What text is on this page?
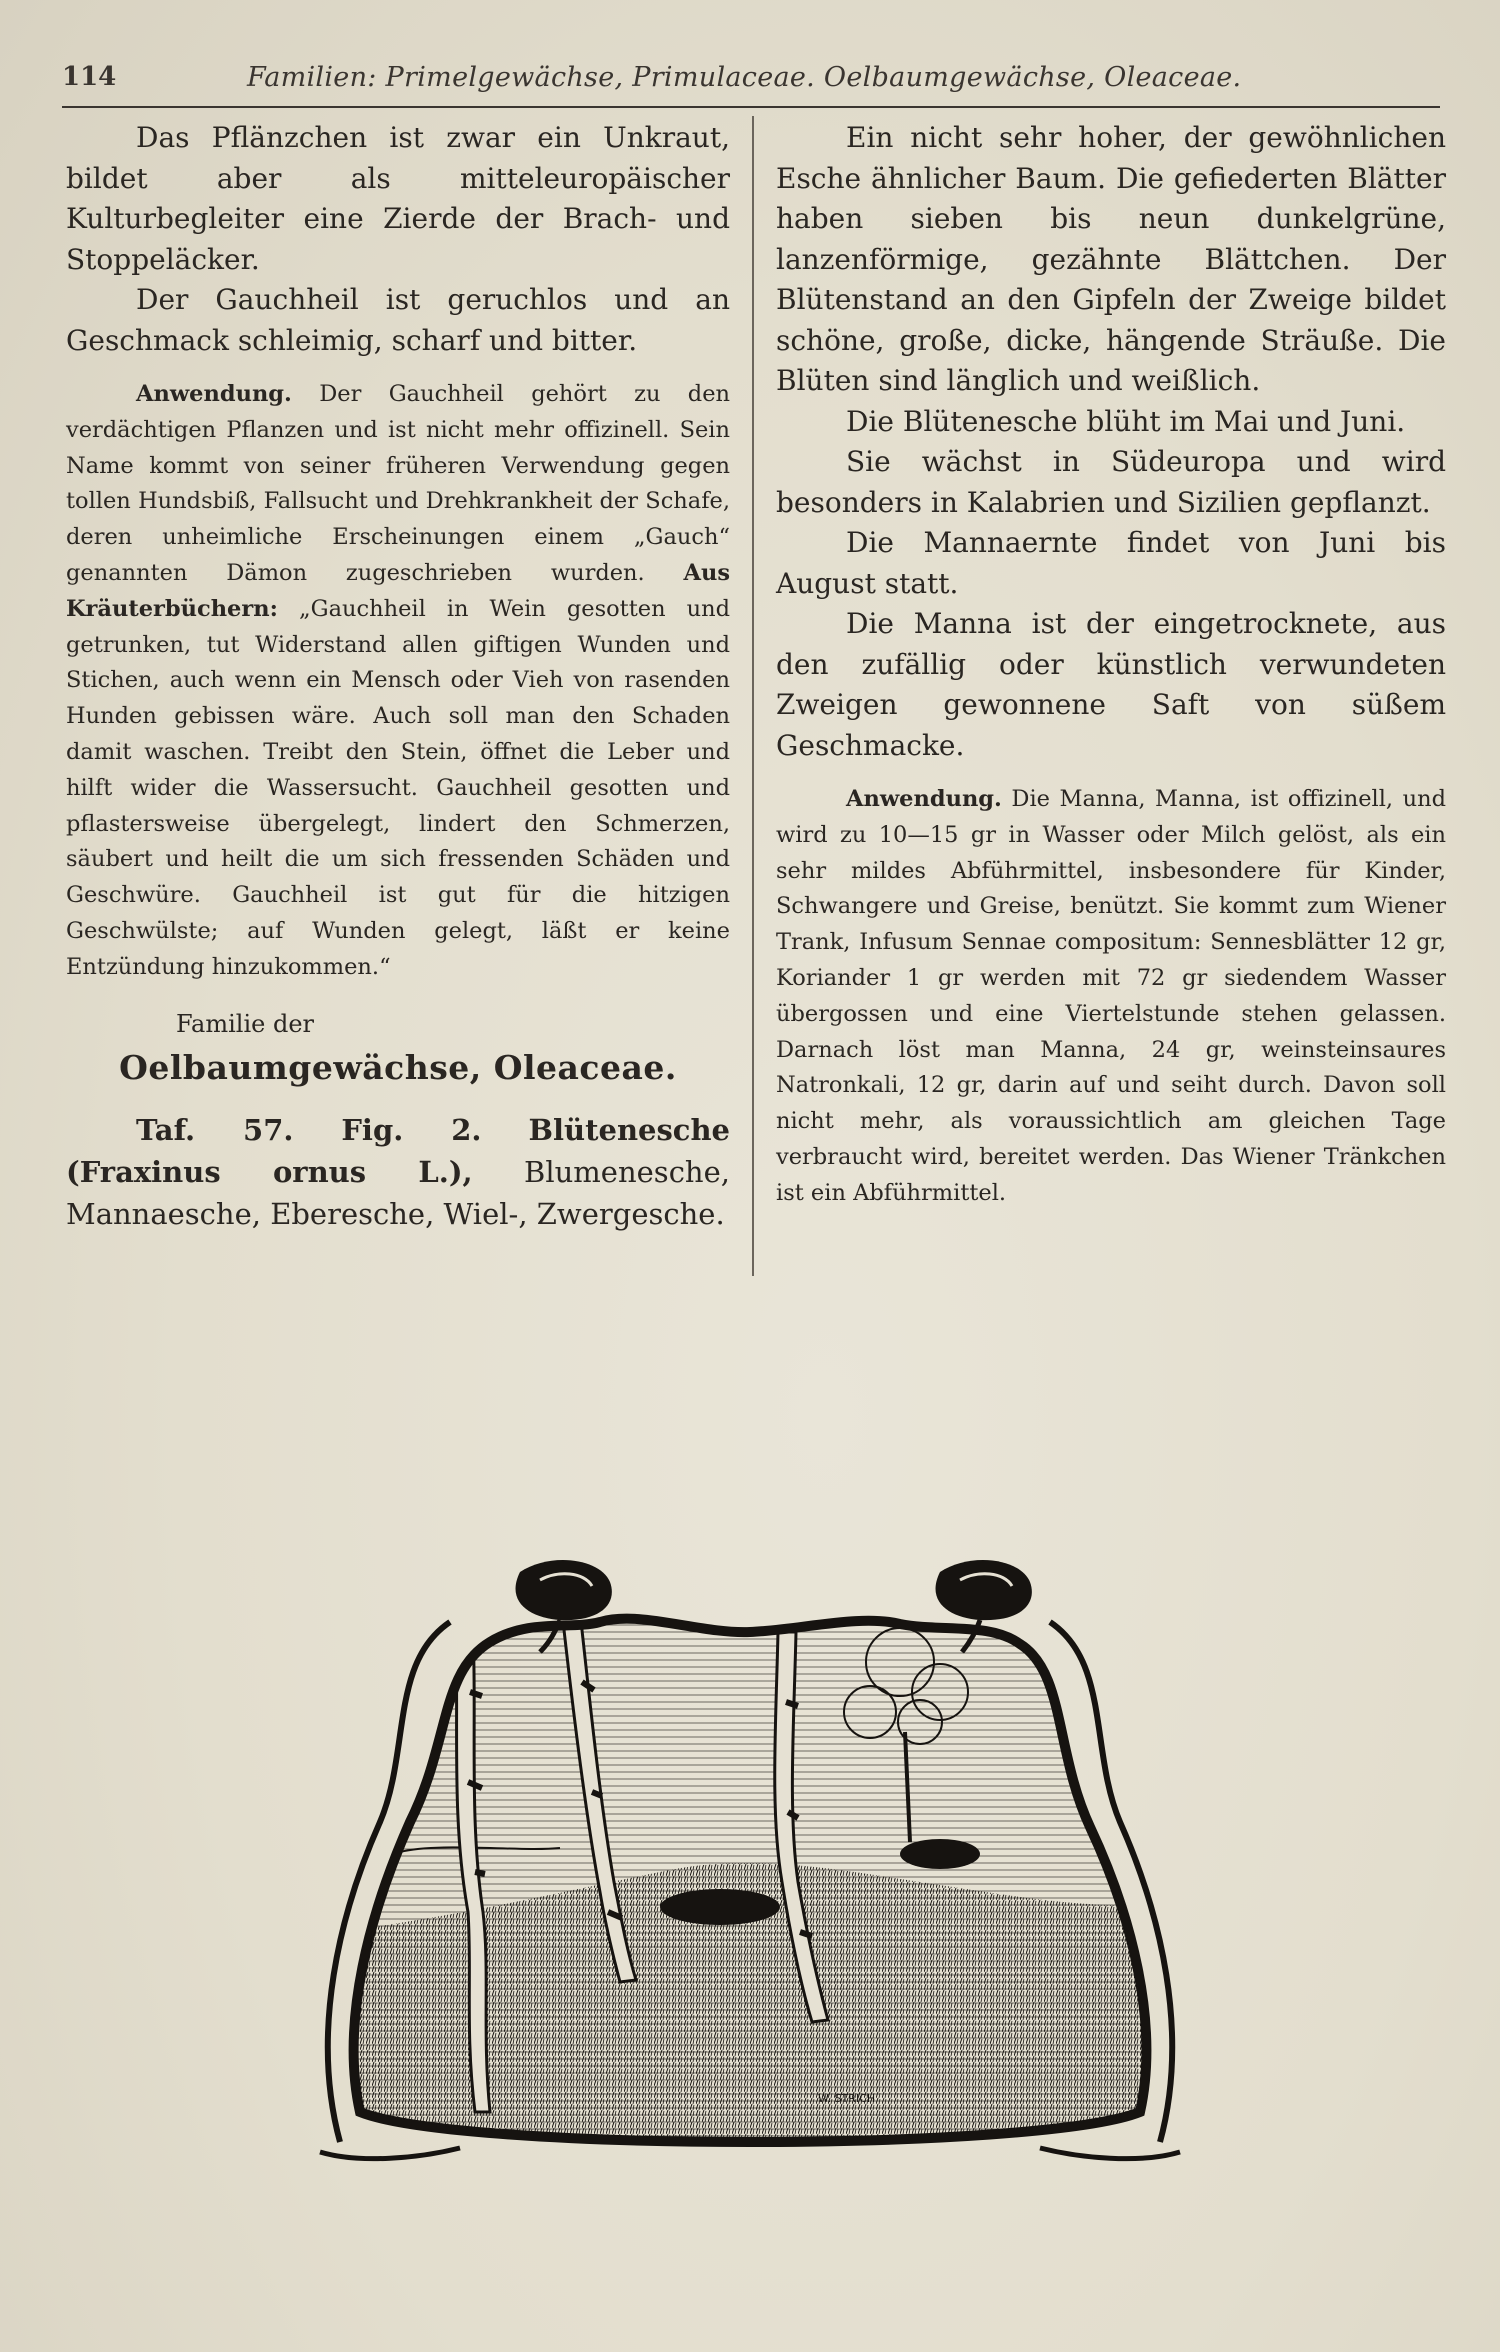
114	Familien: Primelgewächse, Primulaceae. Oelbaumgewächse, Oleaceae.

Das Pflänzchen ist zwar ein Unkraut, bildet aber als mitteleuropäischer Kulturbegleiter eine Zierde der Brach- und Stoppeläcker.

Der Gauchheil ist geruchlos und an Geschmack schleimig, scharf und bitter.

Anwendung. Der Gauchheil gehört zu den verdächtigen Pflanzen und ist nicht mehr offizinell. Sein Name kommt von seiner früheren Verwendung gegen tollen Hundsbiß, Fallsucht und Drehkrankheit der Schafe, deren unheimliche Erscheinungen einem „Gauch“ genannten Dämon zugeschrieben wurden. Aus Kräuterbüchern: „Gauchheil in Wein gesotten und getrunken, tut Widerstand allen giftigen Wunden und Stichen, auch wenn ein Mensch oder Vieh von rasenden Hunden gebissen wäre. Auch soll man den Schaden damit waschen. Treibt den Stein, öffnet die Leber und hilft wider die Wassersucht. Gauchheil gesotten und pflastersweise übergelegt, lindert den Schmerzen, säubert und heilt die um sich fressenden Schäden und Geschwüre. Gauchheil ist gut für die hitzigen Geschwülste; auf Wunden gelegt, läßt er keine Entzündung hinzukommen.“

Familie der

Oelbaumgewächse, Oleaceae.

Taf. 57. Fig. 2. Blütenesche (Fraxinus ornus L.), Blumenesche, Mannaesche, Eberesche, Wiel-, Zwergesche.

Ein nicht sehr hoher, der gewöhnlichen Esche ähnlicher Baum. Die gefiederten Blätter haben sieben bis neun dunkelgrüne, lanzenförmige, gezähnte Blättchen. Der Blütenstand an den Gipfeln der Zweige bildet schöne, große, dicke, hängende Sträuße. Die Blüten sind länglich und weißlich.

Die Blütenesche blüht im Mai und Juni.

Sie wächst in Südeuropa und wird besonders in Kalabrien und Sizilien gepflanzt.

Die Mannaernte findet von Juni bis August statt.

Die Manna ist der eingetrocknete, aus den zufällig oder künstlich verwundeten Zweigen gewonnene Saft von süßem Geschmacke.

Anwendung. Die Manna, Manna, ist offizinell, und wird zu 10—15 gr in Wasser oder Milch gelöst, als ein sehr mildes Abführmittel, insbesondere für Kinder, Schwangere und Greise, benützt. Sie kommt zum Wiener Trank, Infusum Sennae compositum: Sennesblätter 12 gr, Koriander 1 gr werden mit 72 gr siedendem Wasser übergossen und eine Viertelstunde stehen gelassen. Darnach löst man Manna, 24 gr, weinsteinsaures Natronkali, 12 gr, darin auf und seiht durch. Davon soll nicht mehr, als voraussichtlich am gleichen Tage verbraucht wird, bereitet werden. Das Wiener Tränkchen ist ein Abführmittel.

W. STRICH
